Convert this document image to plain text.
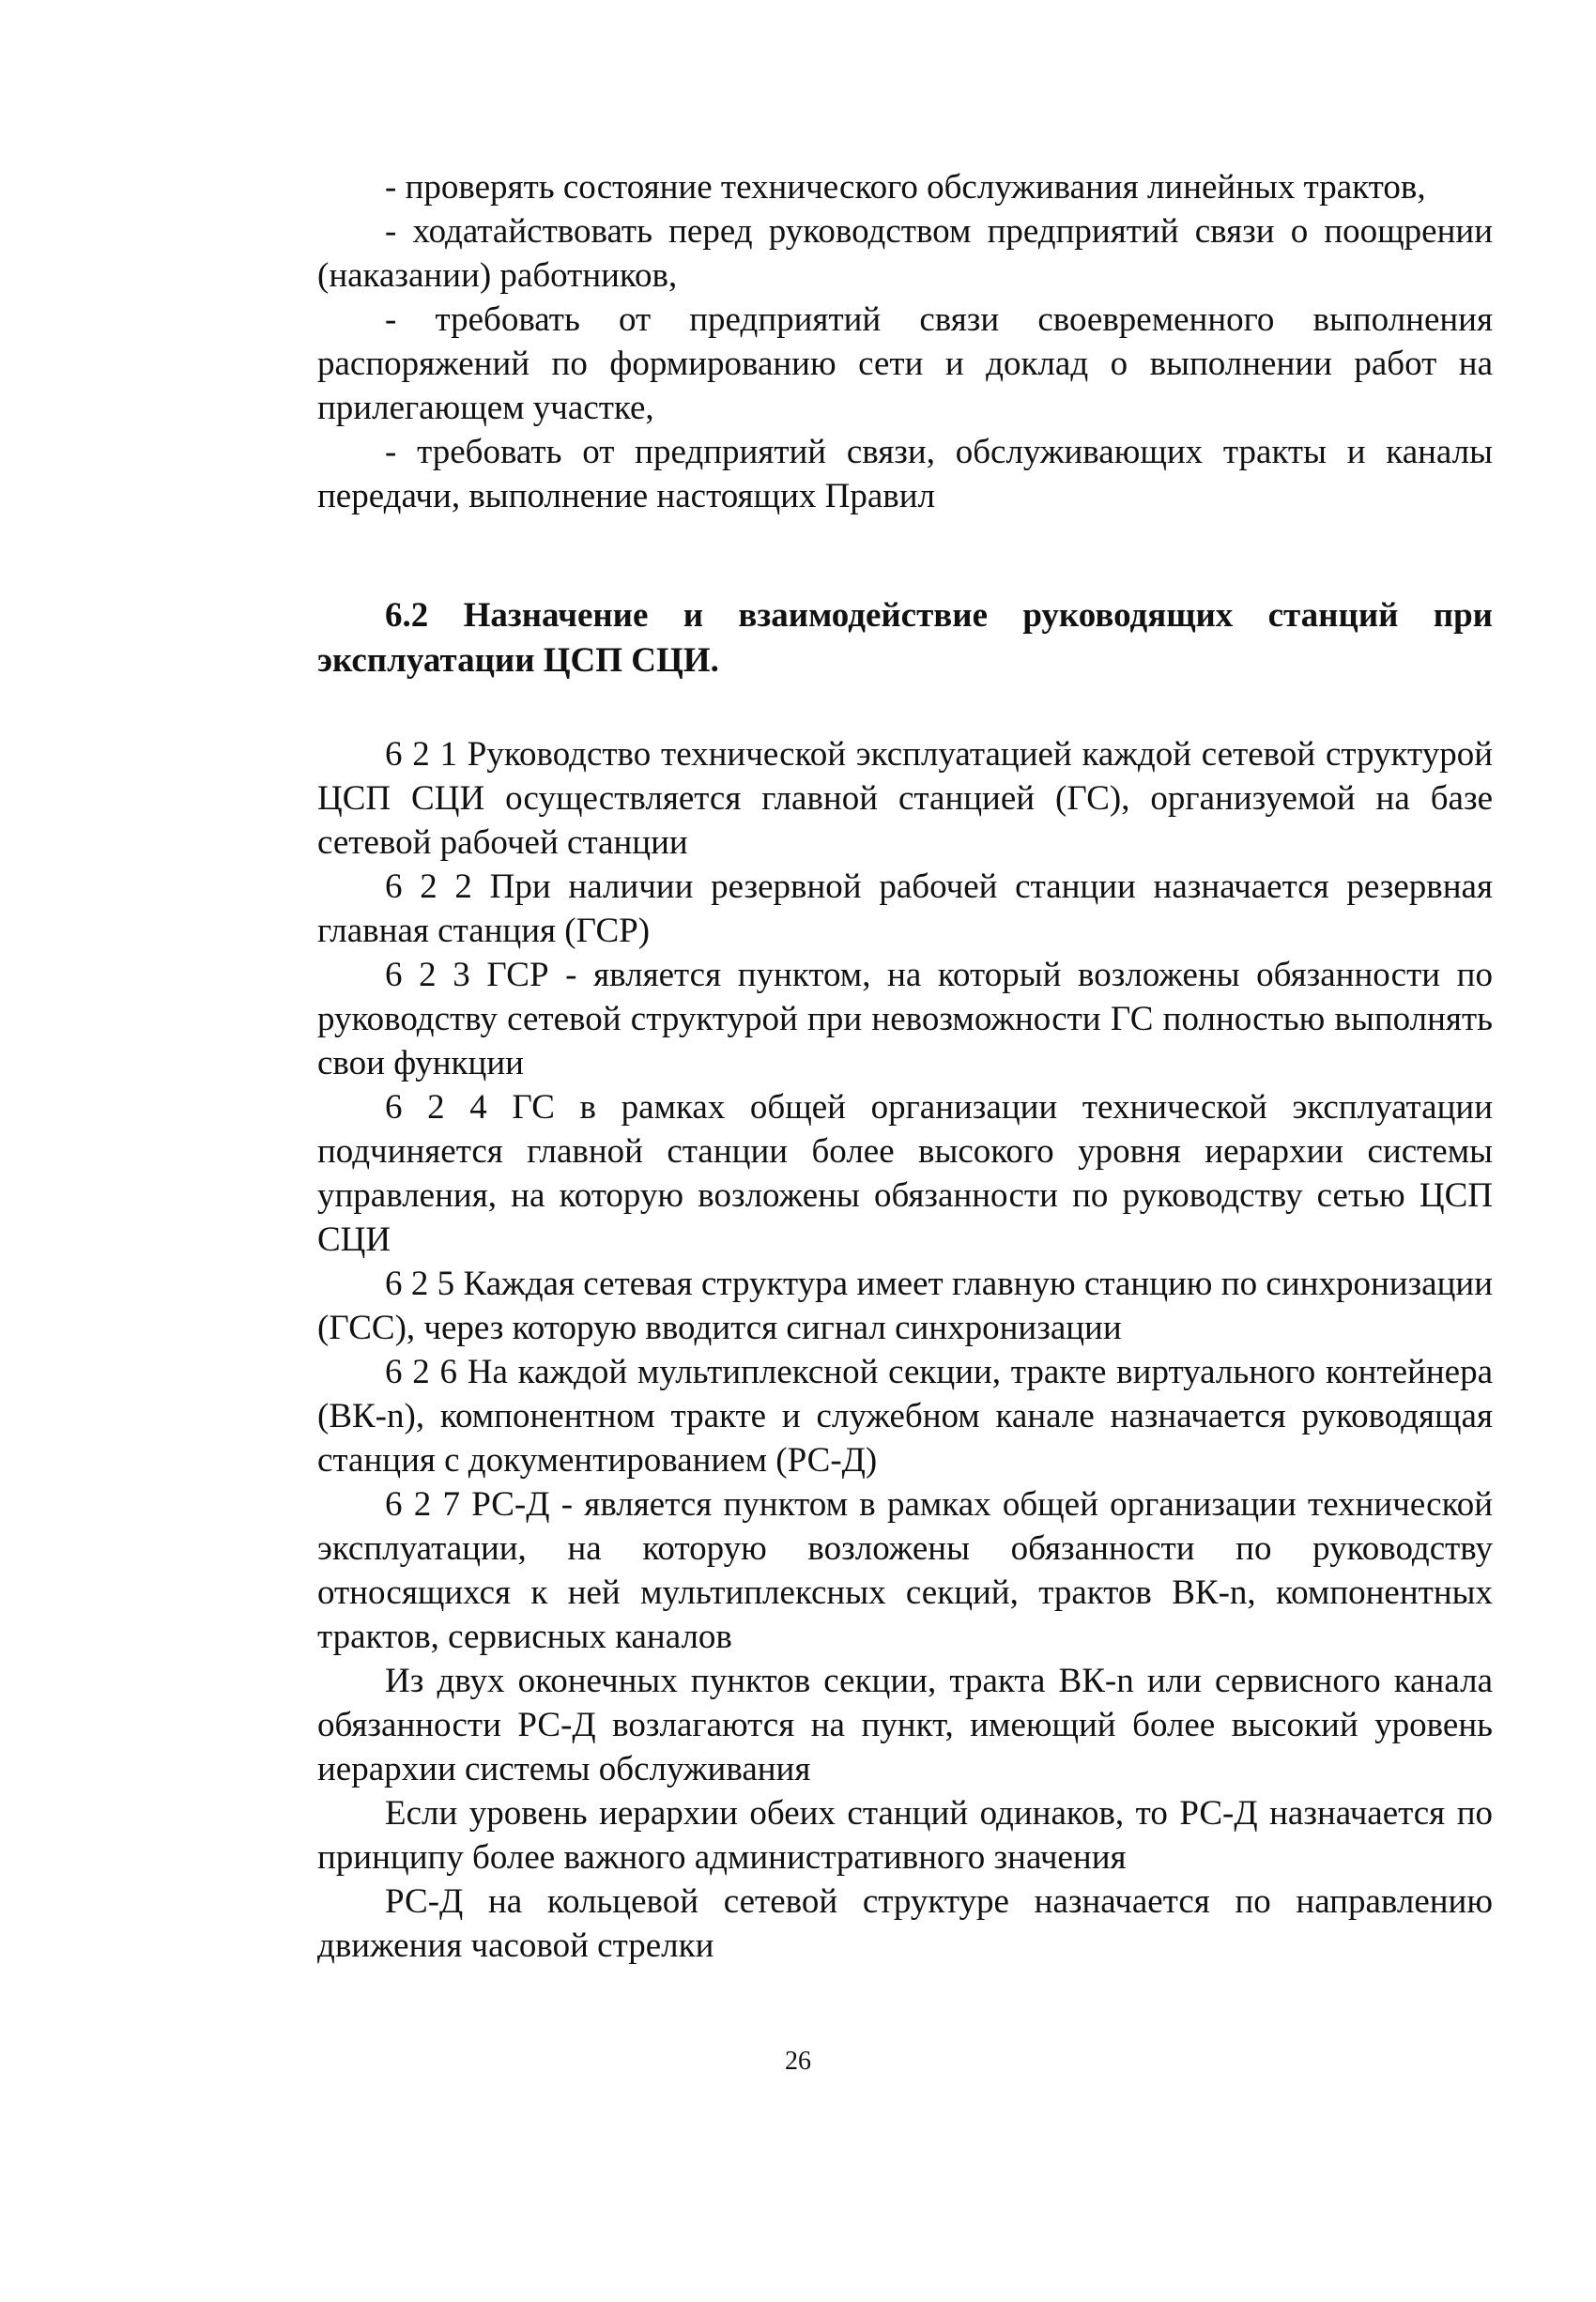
- проверять состояние технического обслуживания линейных трактов,

- ходатайствовать перед руководством предприятий связи о поощрении (наказании) работников,

- требовать от предприятий связи своевременного выполнения распоряжений по формированию сети и доклад о выполнении работ на прилегающем участке,

- требовать от предприятий связи, обслуживающих тракты и каналы передачи, выполнение настоящих Правил

6.2 Назначение и взаимодействие руководящих станций при эксплуатации ЦСП СЦИ.

6 2 1 Руководство технической эксплуатацией каждой сетевой структурой ЦСП СЦИ осуществляется главной станцией (ГС), организуемой на базе сетевой рабочей станции

6 2 2 При наличии резервной рабочей станции назначается резервная главная станция (ГСР)

6 2 3 ГСР - является пунктом, на который возложены обязанности по руководству сетевой структурой при невозможности ГС полностью выполнять свои функции

6 2 4 ГС в рамках общей организации технической эксплуатации подчиняется главной станции более высокого уровня иерархии системы управления, на которую возложены обязанности по руководству сетью ЦСП СЦИ

6 2 5 Каждая сетевая структура имеет главную станцию по синхронизации (ГСС), через которую вводится сигнал синхронизации

6 2 6 На каждой мультиплексной секции, тракте виртуального контейнера (ВК-n), компонентном тракте и служебном канале назначается руководящая станция с документированием (РС-Д)

6 2 7 РС-Д - является пунктом в рамках общей организации технической эксплуатации, на которую возложены обязанности по руководству относящихся к ней мультиплексных секций, трактов ВК-n, компонентных трактов, сервисных каналов

Из двух оконечных пунктов секции, тракта ВК-n или сервисного канала обязанности РС-Д возлагаются на пункт, имеющий более высокий уровень иерархии системы обслуживания

Если уровень иерархии обеих станций одинаков, то РС-Д назначается по принципу более важного административного значения

РС-Д на кольцевой сетевой структуре назначается по направлению движения часовой стрелки

26
